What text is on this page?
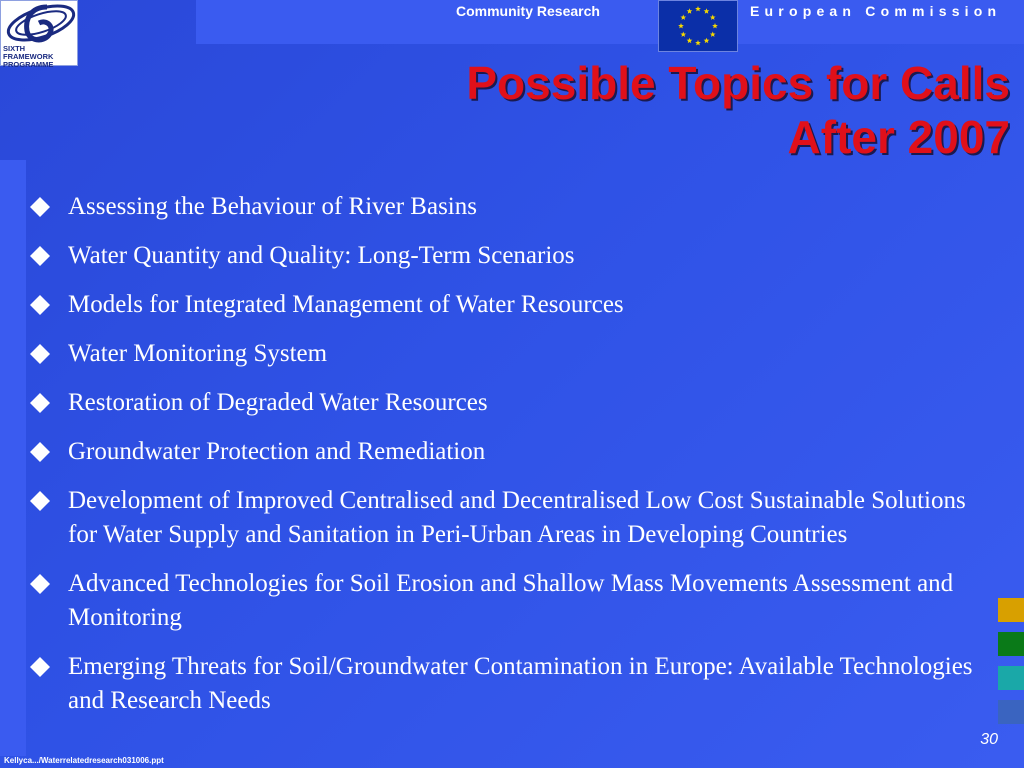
SIXTH FRAMEWORK
PROGRAMME
Community Research	European Commission
Possible Topics for Calls
After 2007
Assessing the Behaviour of River Basins
Water Quantity and Quality: Long-Term Scenarios
Models for Integrated Management of Water Resources
Water Monitoring System
Restoration of Degraded Water Resources
Groundwater Protection and Remediation
Development of Improved Centralised and Decentralised Low Cost Sustainable Solutions for Water Supply and Sanitation in Peri-Urban Areas in Developing Countries
Advanced Technologies for Soil Erosion and Shallow Mass Movements Assessment and Monitoring
Emerging Threats for Soil/Groundwater Contamination in Europe: Available Technologies and Research Needs
30
Kellyca.../Waterrelatedresearch031006.ppt
